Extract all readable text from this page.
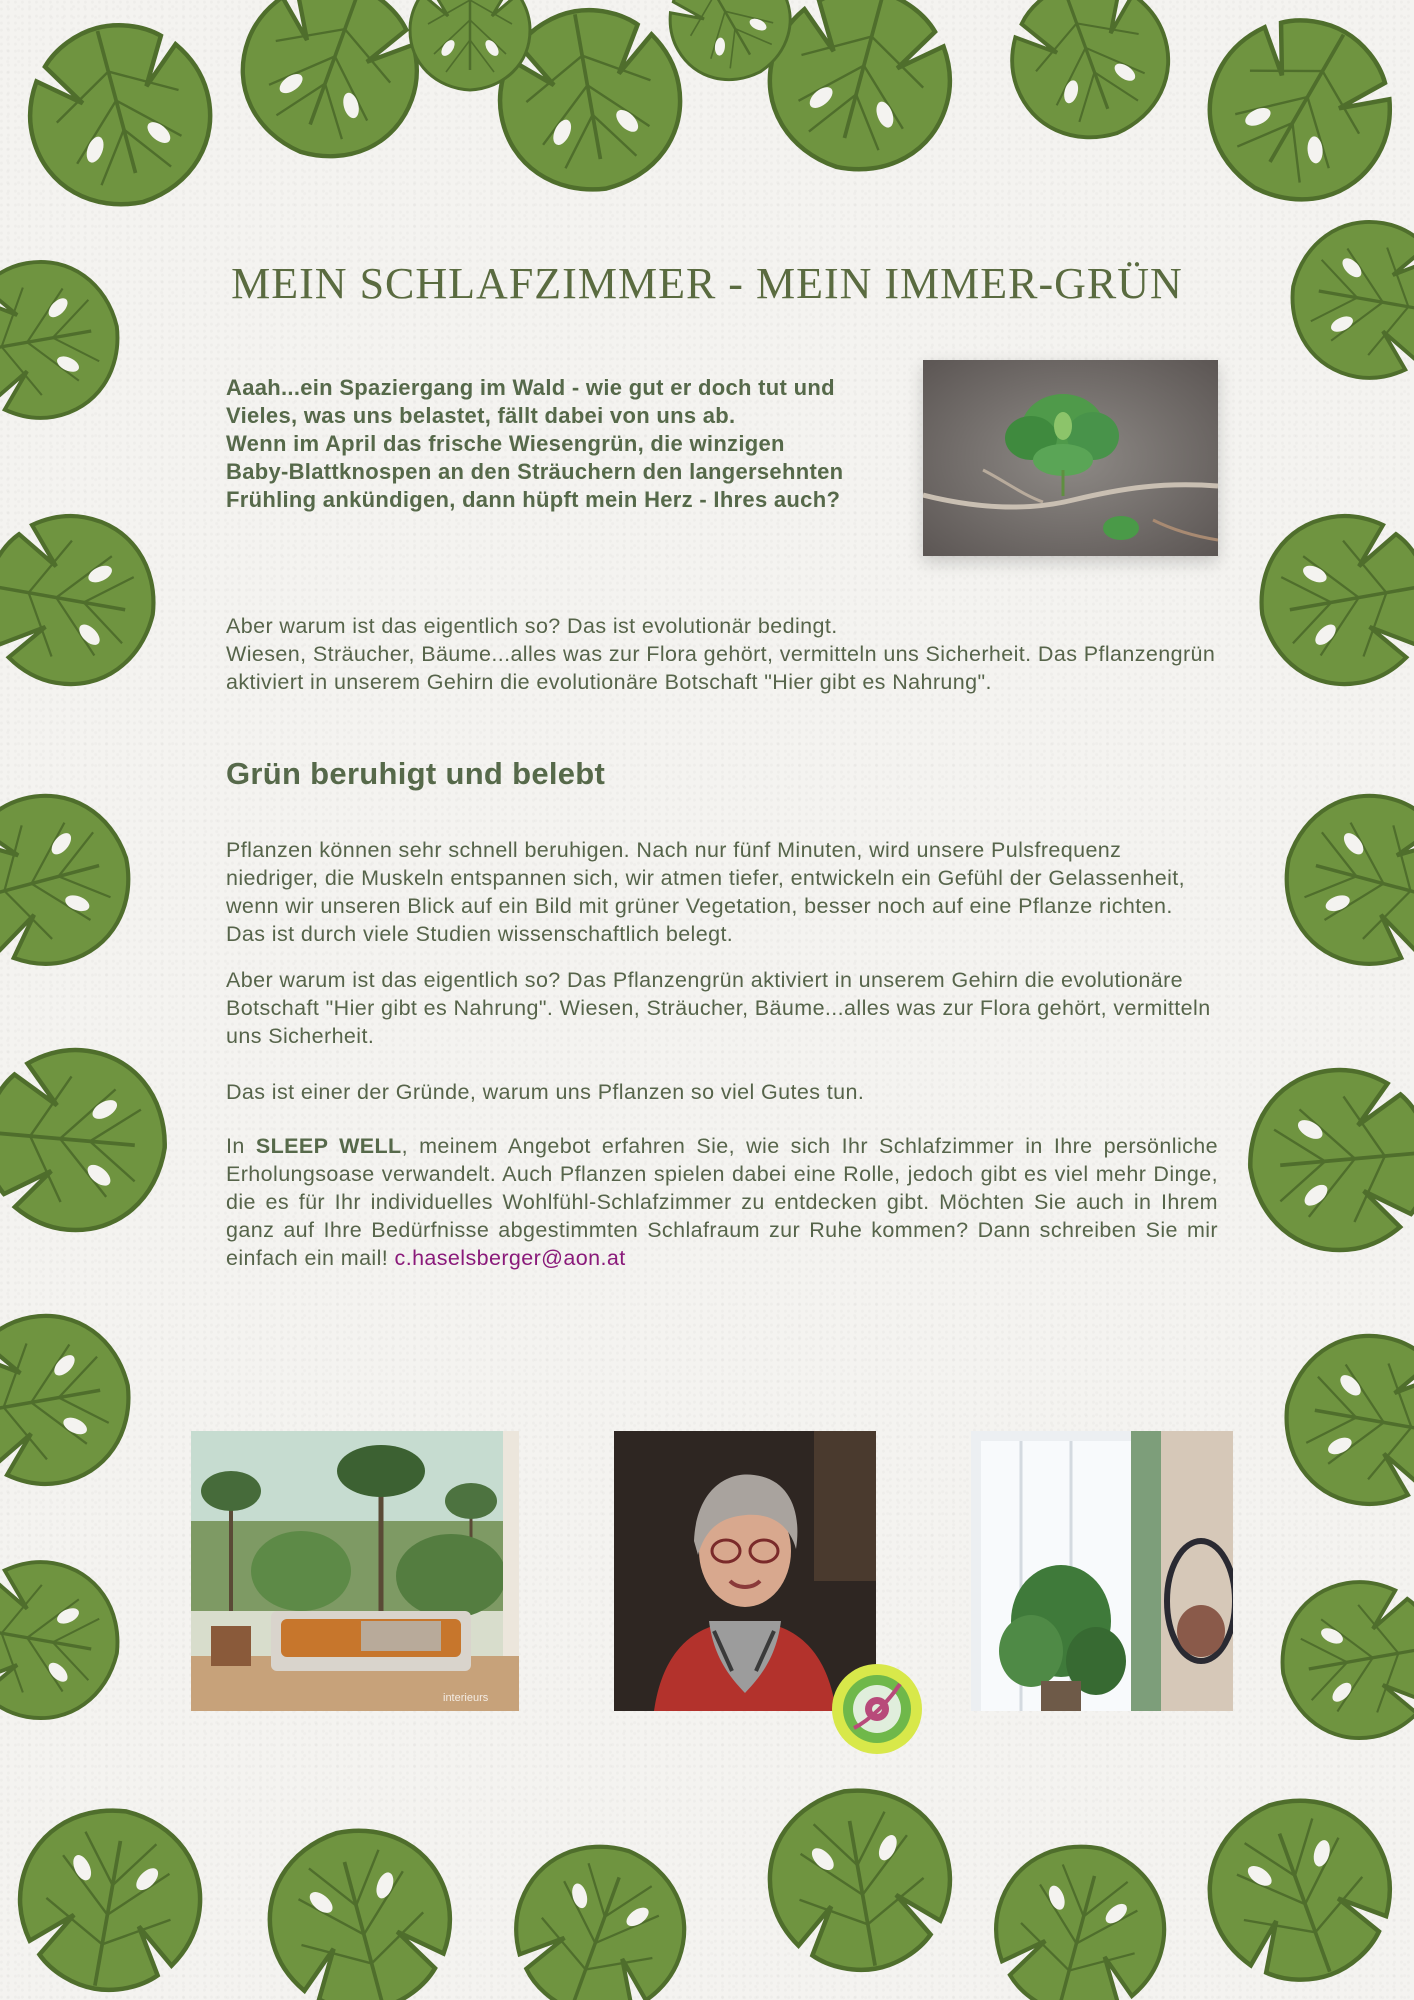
MEIN SCHLAFZIMMER - MEIN IMMER-GRÜN

Aaah...ein Spaziergang im Wald - wie gut er doch tut und
Vieles, was uns belastet, fällt dabei von uns ab.
Wenn im April das frische Wiesengrün, die winzigen
Baby-Blattknospen an den Sträuchern den langersehnten
Frühling ankündigen, dann hüpft mein Herz - Ihres auch?

Aber warum ist das eigentlich so? Das ist evolutionär bedingt.
Wiesen, Sträucher, Bäume...alles was zur Flora gehört, vermitteln uns Sicherheit. Das Pflanzengrün aktiviert in unserem Gehirn die evolutionäre Botschaft "Hier gibt es Nahrung".

Grün beruhigt und belebt

Pflanzen können sehr schnell beruhigen. Nach nur fünf Minuten, wird unsere Pulsfrequenz niedriger, die Muskeln entspannen sich, wir atmen tiefer, entwickeln ein Gefühl der Gelassenheit, wenn wir unseren Blick auf ein Bild mit grüner Vegetation, besser noch auf eine Pflanze richten. Das ist durch viele Studien wissenschaftlich belegt.

Aber warum ist das eigentlich so? Das Pflanzengrün aktiviert in unserem Gehirn die evolutionäre Botschaft "Hier gibt es Nahrung". Wiesen, Sträucher, Bäume...alles was zur Flora gehört, vermitteln uns Sicherheit.

Das ist einer der Gründe, warum uns Pflanzen so viel Gutes tun.

In SLEEP WELL, meinem Angebot erfahren Sie, wie sich Ihr Schlafzimmer in Ihre persönliche Erholungsoase verwandelt. Auch Pflanzen spielen dabei eine Rolle, jedoch gibt es viel mehr Dinge, die es für Ihr individuelles Wohlfühl-Schlafzimmer zu entdecken gibt. Möchten Sie auch in Ihrem ganz auf Ihre Bedürfnisse abgestimmten Schlafraum zur Ruhe kommen? Dann schreiben Sie mir einfach ein mail! c.haselsberger@aon.at

interieurs
